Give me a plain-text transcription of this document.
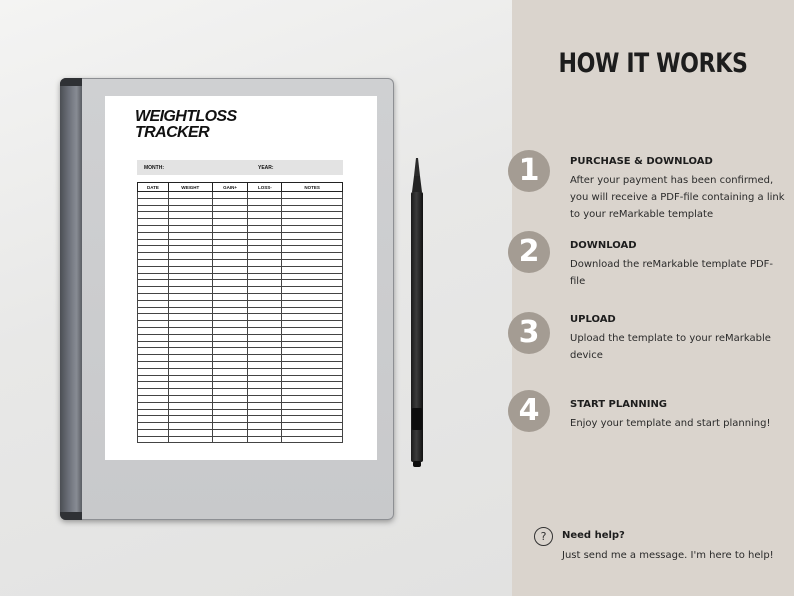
WEIGHTLOSS
TRACKER
MONTH:	YEAR:
DATE	WEIGHT	GAIN+	LOSS-	NOTES

HOW IT WORKS
1	PURCHASE & DOWNLOAD
After your payment has been confirmed, you will receive a PDF-file containing a link to your reMarkable template
2	DOWNLOAD
Download the reMarkable template PDF-file
3	UPLOAD
Upload the template to your reMarkable device
4	START PLANNING
Enjoy your template and start planning!
?	Need help?
Just send me a message. I'm here to help!
